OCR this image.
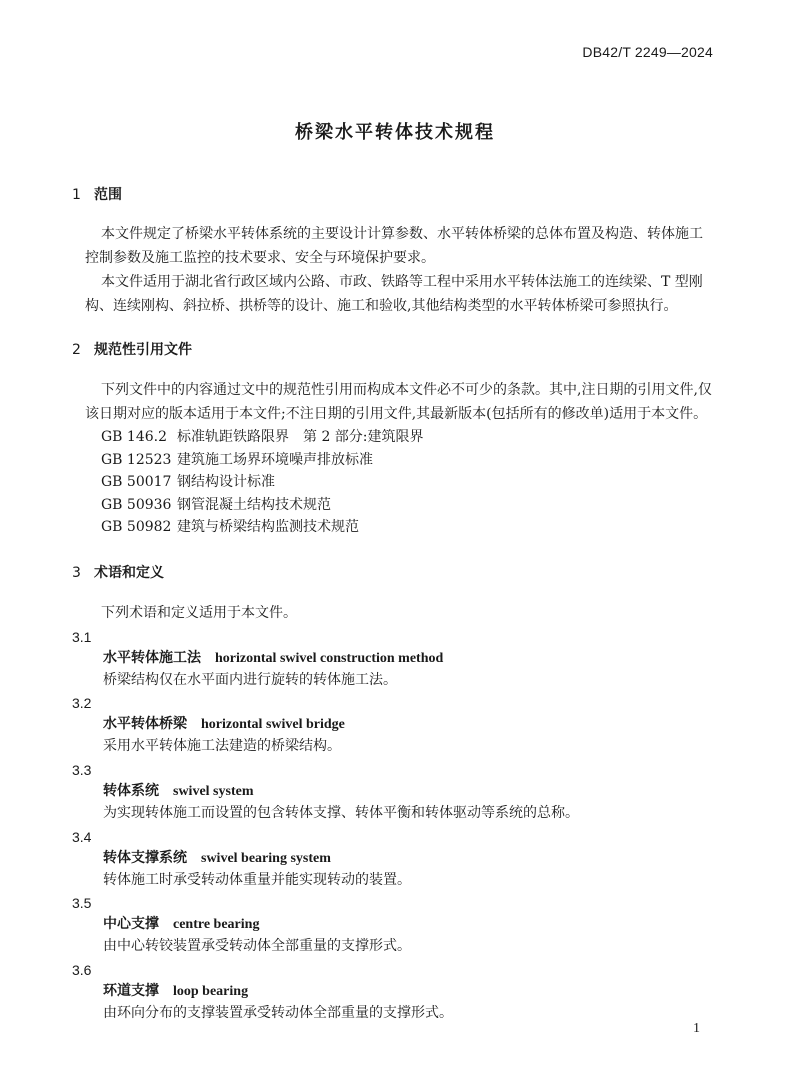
DB42/T 2249—2024
桥梁水平转体技术规程
1 范围
本文件规定了桥梁水平转体系统的主要设计计算参数、水平转体桥梁的总体布置及构造、转体施工
控制参数及施工监控的技术要求、安全与环境保护要求。
本文件适用于湖北省行政区域内公路、市政、铁路等工程中采用水平转体法施工的连续梁、T 型刚
构、连续刚构、斜拉桥、拱桥等的设计、施工和验收,其他结构类型的水平转体桥梁可参照执行。
2 规范性引用文件
下列文件中的内容通过文中的规范性引用而构成本文件必不可少的条款。其中,注日期的引用文件,仅
该日期对应的版本适用于本文件;不注日期的引用文件,其最新版本(包括所有的修改单)适用于本文件。
GB 146.2 标准轨距铁路限界　第 2 部分:建筑限界
GB 12523 建筑施工场界环境噪声排放标准
GB 50017 钢结构设计标准
GB 50936 钢管混凝土结构技术规范
GB 50982 建筑与桥梁结构监测技术规范
3 术语和定义
下列术语和定义适用于本文件。
3.1
水平转体施工法 horizontal swivel construction method
桥梁结构仅在水平面内进行旋转的转体施工法。
3.2
水平转体桥梁 horizontal swivel bridge
采用水平转体施工法建造的桥梁结构。
3.3
转体系统 swivel system
为实现转体施工而设置的包含转体支撑、转体平衡和转体驱动等系统的总称。
3.4
转体支撑系统 swivel bearing system
转体施工时承受转动体重量并能实现转动的装置。
3.5
中心支撑 centre bearing
由中心转铰装置承受转动体全部重量的支撑形式。
3.6
环道支撑 loop bearing
由环向分布的支撑装置承受转动体全部重量的支撑形式。
1
